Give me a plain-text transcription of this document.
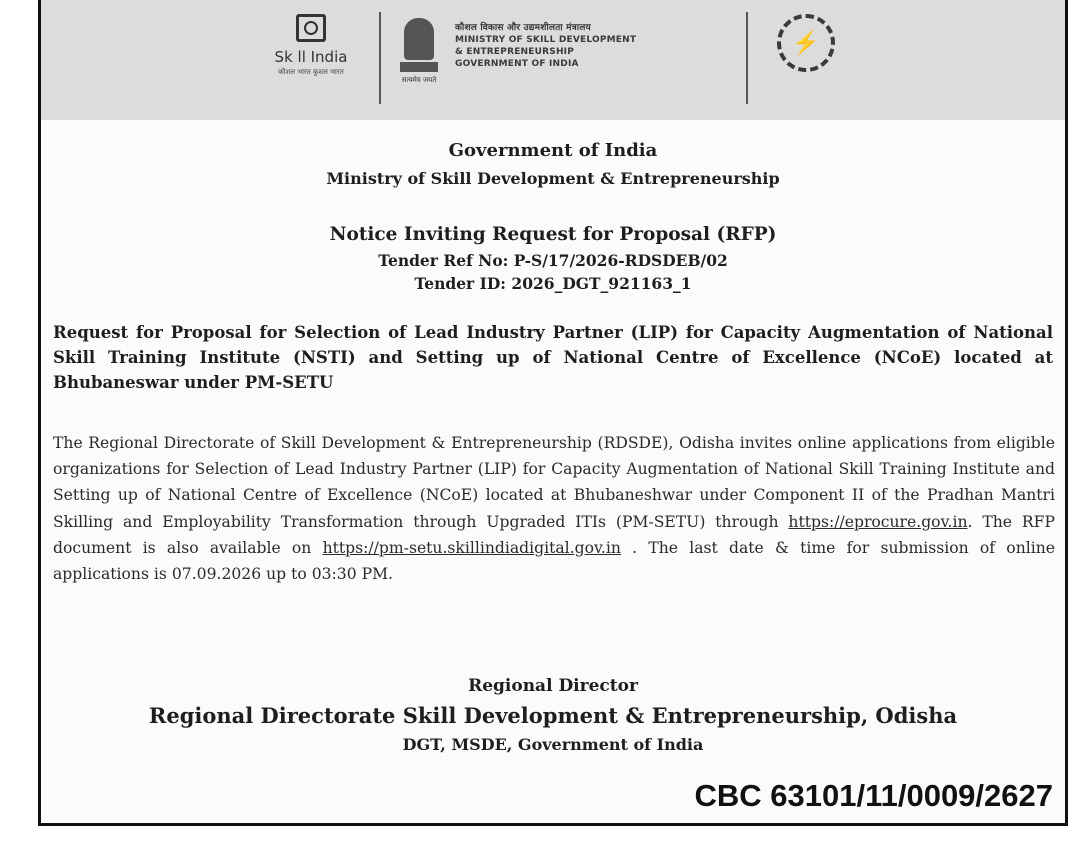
Sk ll India
कौशल भारत कुशल भारत
सत्यमेव जयते
कौशल विकास और उद्यमशीलता मंत्रालय
MINISTRY OF SKILL DEVELOPMENT
& ENTREPRENEURSHIP
GOVERNMENT OF INDIA
⚡
Government of India
Ministry of Skill Development & Entrepreneurship
Notice Inviting Request for Proposal (RFP)
Tender Ref No: P-S/17/2026-RDSDEB/02
Tender ID: 2026_DGT_921163_1
Request for Proposal for Selection of Lead Industry Partner (LIP) for Capacity Augmentation of National Skill Training Institute (NSTI) and Setting up of National Centre of Excellence (NCoE) located at Bhubaneswar under PM-SETU
The Regional Directorate of Skill Development & Entrepreneurship (RDSDE), Odisha invites online applications from eligible organizations for Selection of Lead Industry Partner (LIP) for Capacity Augmentation of National Skill Training Institute and Setting up of National Centre of Excellence (NCoE) located at Bhubaneshwar under Component II of the Pradhan Mantri Skilling and Employability Transformation through Upgraded ITIs (PM-SETU) through https://eprocure.gov.in. The RFP document is also available on https://pm-setu.skillindiadigital.gov.in . The last date & time for submission of online applications is 07.09.2026 up to 03:30 PM.
Regional Director
Regional Directorate Skill Development & Entrepreneurship, Odisha
DGT, MSDE, Government of India
CBC 63101/11/0009/2627
